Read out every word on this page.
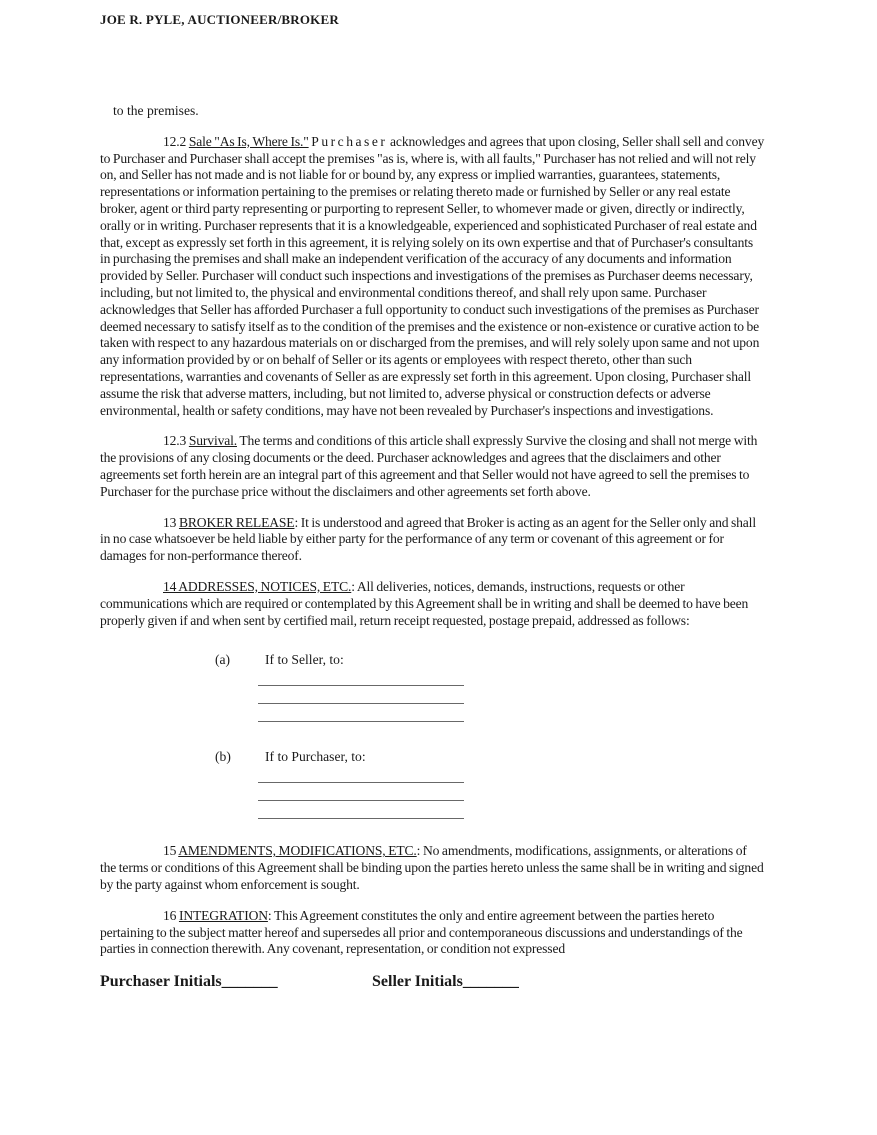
JOE R. PYLE, AUCTIONEER/BROKER
to the premises.

12.2 Sale "As Is, Where Is." Purchaser acknowledges and agrees that upon closing, Seller shall sell and convey to Purchaser and Purchaser shall accept the premises "as is, where is, with all faults," Purchaser has not relied and will not rely on, and Seller has not made and is not liable for or bound by, any express or implied warranties, guarantees, statements, representations or information pertaining to the premises or relating thereto made or furnished by Seller or any real estate broker, agent or third party representing or purporting to represent Seller, to whomever made or given, directly or indirectly, orally or in writing. Purchaser represents that it is a knowledgeable, experienced and sophisticated Purchaser of real estate and that, except as expressly set forth in this agreement, it is relying solely on its own expertise and that of Purchaser's consultants in purchasing the premises and shall make an independent verification of the accuracy of any documents and information provided by Seller. Purchaser will conduct such inspections and investigations of the premises as Purchaser deems necessary, including, but not limited to, the physical and environmental conditions thereof, and shall rely upon same. Purchaser acknowledges that Seller has afforded Purchaser a full opportunity to conduct such investigations of the premises as Purchaser deemed necessary to satisfy itself as to the condition of the premises and the existence or non-existence or curative action to be taken with respect to any hazardous materials on or discharged from the premises, and will rely solely upon same and not upon any information provided by or on behalf of Seller or its agents or employees with respect thereto, other than such representations, warranties and covenants of Seller as are expressly set forth in this agreement. Upon closing, Purchaser shall assume the risk that adverse matters, including, but not limited to, adverse physical or construction defects or adverse environmental, health or safety conditions, may have not been revealed by Purchaser's inspections and investigations.

12.3 Survival. The terms and conditions of this article shall expressly Survive the closing and shall not merge with the provisions of any closing documents or the deed. Purchaser acknowledges and agrees that the disclaimers and other agreements set forth herein are an integral part of this agreement and that Seller would not have agreed to sell the premises to Purchaser for the purchase price without the disclaimers and other agreements set forth above.

13 BROKER RELEASE: It is understood and agreed that Broker is acting as an agent for the Seller only and shall in no case whatsoever be held liable by either party for the performance of any term or covenant of this agreement or for damages for non-performance thereof.

14 ADDRESSES, NOTICES, ETC.: All deliveries, notices, demands, instructions, requests or other communications which are required or contemplated by this Agreement shall be in writing and shall be deemed to have been properly given if and when sent by certified mail, return receipt requested, postage prepaid, addressed as follows:

(a)	If to Seller, to:
(b)	If to Purchaser, to:

15 AMENDMENTS, MODIFICATIONS, ETC.: No amendments, modifications, assignments, or alterations of the terms or conditions of this Agreement shall be binding upon the parties hereto unless the same shall be in writing and signed by the party against whom enforcement is sought.

16 INTEGRATION: This Agreement constitutes the only and entire agreement between the parties hereto pertaining to the subject matter hereof and supersedes all prior and contemporaneous discussions and understandings of the parties in connection therewith. Any covenant, representation, or condition not expressed

Purchaser Initials_______	Seller Initials_______
